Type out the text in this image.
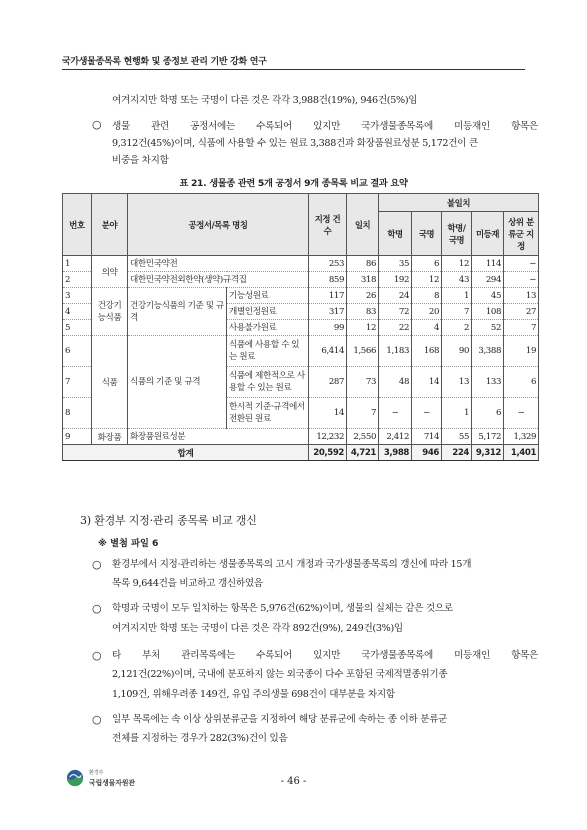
국가생물종목록 현행화 및 종정보 관리 기반 강화 연구

여겨지지만 학명 또는 국명이 다른 것은 각각 3,988건(19%), 946건(5%)임

○ 생물 관련 공정서에는 수록되어 있지만 국가생물종목록에 미등재인 항목은

9,312건(45%)이며, 식품에 사용할 수 있는 원료 3,388건과 화장품원료성분 5,172건이 큰

비중을 차지함

표 21. 생물종 관련 5개 공정서 9개 종목록 비교 결과 요약
번호	분야	공정서/목록 명칭		지정 건 수	일치	불일치				
						학명	국명	학명/국명	미등재	상위 분류군 지정
1	의약	대한민국약전		253	86	35	6	12	114	−
2		대한민국약전외한약(생약)규격집		859	318	192	12	43	294	−
3	건강기능식품	건강기능식품의 기준 및 규격	기능성원료	117	26	24	8	1	45	13
4			개별인정원료	317	83	72	20	7	108	27
5			사용불가원료	99	12	22	4	2	52	7
6	식품	식품의 기준 및 규격	식품에 사용할 수 있는 원료	6,414	1,566	1,183	168	90	3,388	19
7			식품에 제한적으로 사용할 수 있는 원료	287	73	48	14	13	133	6
8			한시적 기준·규격에서 전환된 원료	14	7	−	−	1	6	−
9	화장품	화장품원료성분		12,232	2,550	2,412	714	55	5,172	1,329
합계				20,592	4,721	3,988	946	224	9,312	1,401
3) 환경부 지정·관리 종목록 비교 갱신
※ 별첨 파일 6
○ 환경부에서 지정·관리하는 생물종목록의 고시 개정과 국가생물종목록의 갱신에 따라 15개

목록 9,644건을 비교하고 갱신하였음

○ 학명과 국명이 모두 일치하는 항목은 5,976건(62%)이며, 생물의 실체는 같은 것으로

여겨지지만 학명 또는 국명이 다른 것은 각각 892건(9%), 249건(3%)임

○ 타 부처 관리목록에는 수록되어 있지만 국가생물종목록에 미등재인 항목은

2,121건(22%)이며, 국내에 분포하지 않는 외국종이 다수 포함된 국제적멸종위기종

1,109건, 위해우려종 149건, 유입 주의생물 698건이 대부분을 차지함

○ 일부 목록에는 속 이상 상위분류군을 지정하여 해당 분류군에 속하는 종 이하 분류군

전체를 지정하는 경우가 282(3%)건이 있음

환경부
국립생물자원관	- 46 -
